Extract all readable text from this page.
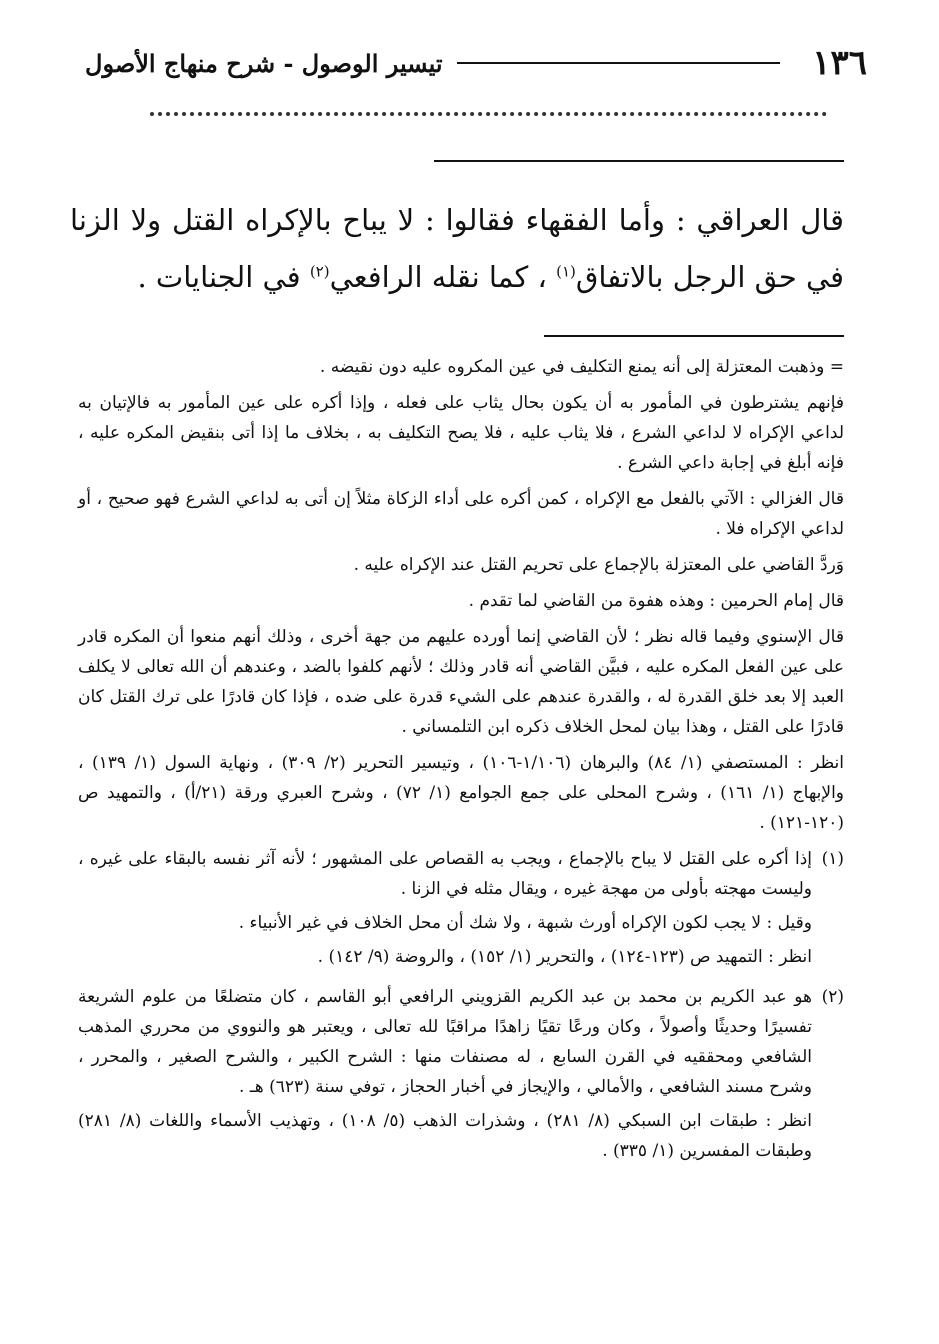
١٣٦
تيسير الوصول - شرح منهاج الأصول

قال العراقي : وأما الفقهاء فقالوا : لا يباح بالإكراه القتل ولا الزنا في حق الرجل بالاتفاق$^{(١)}$ ، كما نقله الرافعي$^{(٢)}$ في الجنايات .

= وذهبت المعتزلة إلى أنه يمنع التكليف في عين المكروه عليه دون نقيضه .

فإنهم يشترطون في المأمور به أن يكون بحال يثاب على فعله ، وإذا أكره على عين المأمور به فالإتيان به لداعي الإكراه لا لداعي الشرع ، فلا يثاب عليه ، فلا يصح التكليف به ، بخلاف ما إذا أتى بنقيض المكره عليه ، فإنه أبلغ في إجابة داعي الشرع .

قال الغزالي : الآتي بالفعل مع الإكراه ، كمن أكره على أداء الزكاة مثلاً إن أتى به لداعي الشرع فهو صحيح ، أو لداعي الإكراه فلا .

وَردَّ القاضي على المعتزلة بالإجماع على تحريم القتل عند الإكراه عليه .

قال إمام الحرمين : وهذه هفوة من القاضي لما تقدم .

قال الإسنوي وفيما قاله نظر ؛ لأن القاضي إنما أورده عليهم من جهة أخرى ، وذلك أنهم منعوا أن المكره قادر على عين الفعل المكره عليه ، فبيَّن القاضي أنه قادر وذلك ؛ لأنهم كلفوا بالضد ، وعندهم أن الله تعالى لا يكلف العبد إلا بعد خلق القدرة له ، والقدرة عندهم على الشيء قدرة على ضده ، فإذا كان قادرًا على ترك القتل كان قادرًا على القتل ، وهذا بيان لمحل الخلاف ذكره ابن التلمساني .

انظر : المستصفي (١/ ٨٤) والبرهان (١/١٠٦-١٠٦) ، وتيسير التحرير (٢/ ٣٠٩) ، ونهاية السول (١/ ١٣٩) ، والإبهاج (١/ ١٦١) ، وشرح المحلى على جمع الجوامع (١/ ٧٢) ، وشرح العبري ورقة (٢١/أ) ، والتمهيد ص (١٢٠-١٢١) .

(١)

إذا أكره على القتل لا يباح بالإجماع ، ويجب به القصاص على المشهور ؛ لأنه آثر نفسه بالبقاء على غيره ، وليست مهجته بأولى من مهجة غيره ، ويقال مثله في الزنا .

وقيل : لا يجب لكون الإكراه أورث شبهة ، ولا شك أن محل الخلاف في غير الأنبياء .

انظر : التمهيد ص (١٢٣-١٢٤) ، والتحرير (١/ ١٥٢) ، والروضة (٩/ ١٤٢) .

(٢)

هو عبد الكريم بن محمد بن عبد الكريم القزويني الرافعي أبو القاسم ، كان متضلعًا من علوم الشريعة تفسيرًا وحديثًا وأصولاً ، وكان ورعًا تقيًا زاهدًا مراقبًا لله تعالى ، ويعتبر هو والنووي من محرري المذهب الشافعي ومحققيه في القرن السابع ، له مصنفات منها : الشرح الكبير ، والشرح الصغير ، والمحرر ، وشرح مسند الشافعي ، والأمالي ، والإيجاز في أخبار الحجاز ، توفي سنة (٦٢٣) هـ .

انظر : طبقات ابن السبكي (٨/ ٢٨١) ، وشذرات الذهب (٥/ ١٠٨) ، وتهذيب الأسماء واللغات (٨/ ٢٨١) وطبقات المفسرين (١/ ٣٣٥) .
